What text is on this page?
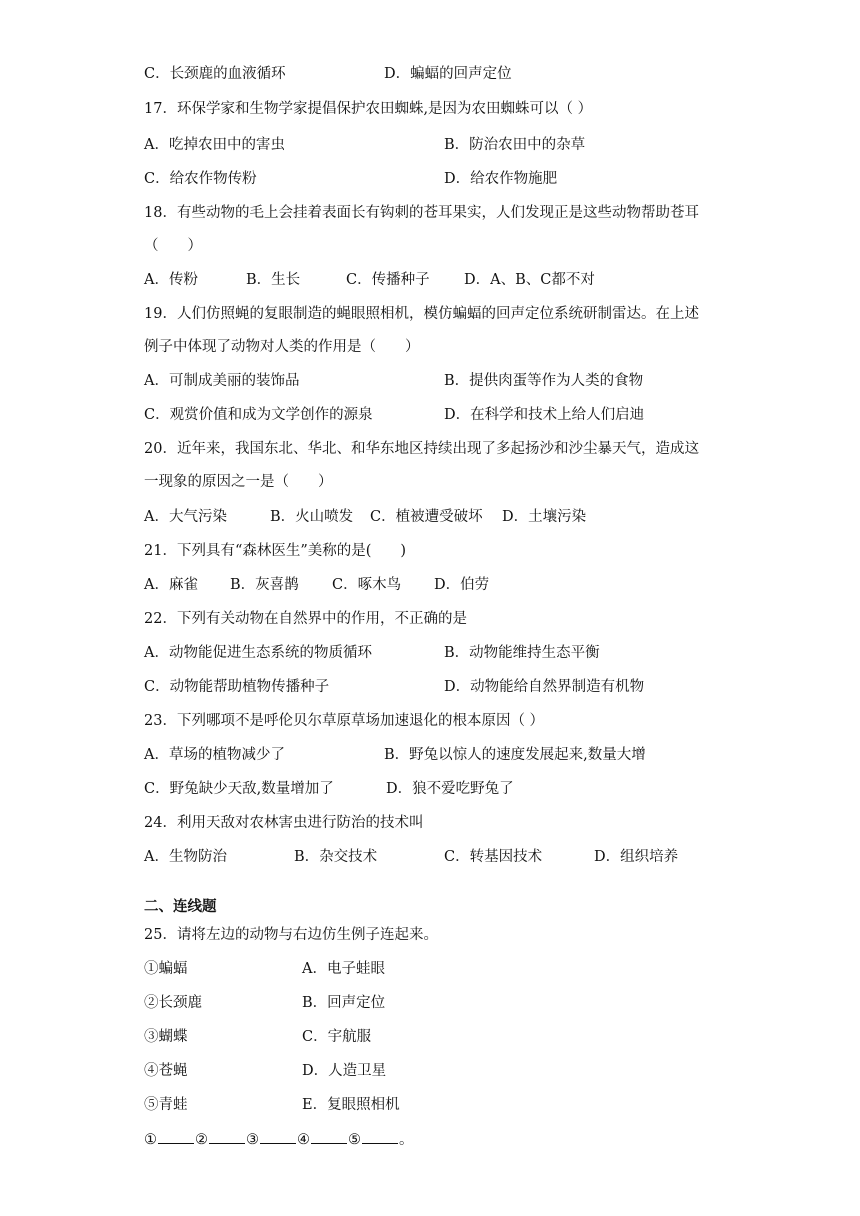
C．长颈鹿的血液循环	D．蝙蝠的回声定位
17．环保学家和生物学家提倡保护农田蜘蛛,是因为农田蜘蛛可以（ ）
A．吃掉农田中的害虫	B．防治农田中的杂草
C．给农作物传粉	D．给农作物施肥
18．有些动物的毛上会挂着表面长有钩刺的苍耳果实，人们发现正是这些动物帮助苍耳
（　　）
A．传粉	B．生长	C．传播种子 D．A、B、C都不对
19．人们仿照蝇的复眼制造的蝇眼照相机，模仿蝙蝠的回声定位系统研制雷达。在上述
例子中体现了动物对人类的作用是（　　）
A．可制成美丽的装饰品	B．提供肉蛋等作为人类的食物
C．观赏价值和成为文学创作的源泉	D．在科学和技术上给人们启迪
20．近年来，我国东北、华北、和华东地区持续出现了多起扬沙和沙尘暴天气，造成这
一现象的原因之一是（　　）
A．大气污染	B．火山喷发 C．植被遭受破坏 D．土壤污染
21．下列具有“森林医生”美称的是(　　)
A．麻雀 B．灰喜鹊 C．啄木鸟 D．伯劳
22．下列有关动物在自然界中的作用，不正确的是
A．动物能促进生态系统的物质循环	B．动物能维持生态平衡
C．动物能帮助植物传播种子	D．动物能给自然界制造有机物
23．下列哪项不是呼伦贝尔草原草场加速退化的根本原因（ ）
A．草场的植物减少了	B．野兔以惊人的速度发展起来,数量大增
C．野兔缺少天敌,数量增加了	D．狼不爱吃野兔了
24．利用天敌对农林害虫进行防治的技术叫
A．生物防治	B．杂交技术	C．转基因技术	D．组织培养
二、连线题
25．请将左边的动物与右边仿生例子连起来。
①蝙蝠	A．电子蛙眼
②长颈鹿	B．回声定位
③蝴蝶	C．宇航服
④苍蝇	D．人造卫星
⑤青蛙	E．复眼照相机
①	②	③	④	⑤	。
